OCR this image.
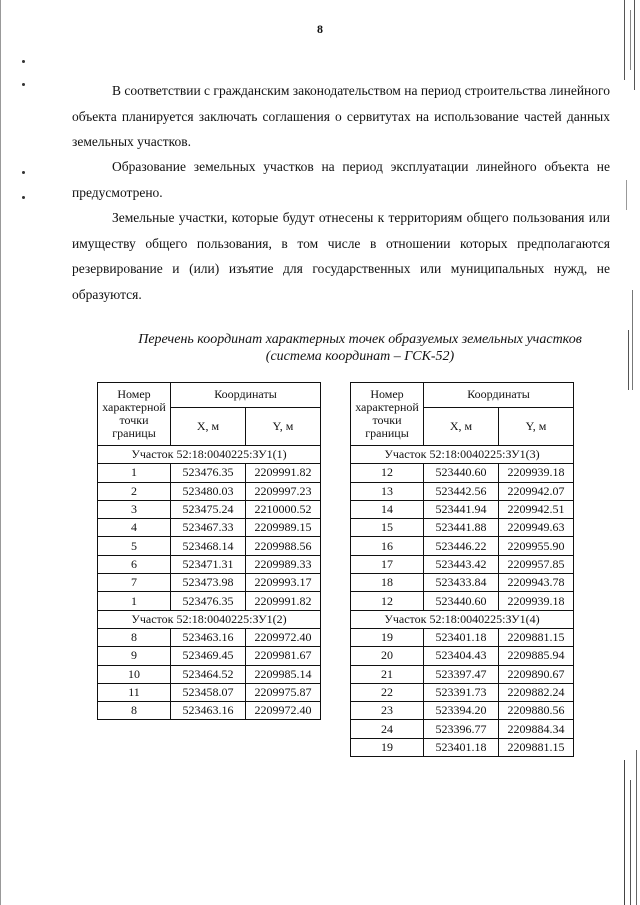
8

В соответствии с гражданским законодательством на период строительства линейного объекта планируется заключать соглашения о сервитутах на использование частей данных земельных участков.

Образование земельных участков на период эксплуатации линейного объекта не предусмотрено.

Земельные участки, которые будут отнесены к территориям общего пользования или имуществу общего пользования, в том числе в отношении которых предполагаются резервирование и (или) изъятие для государственных или муниципальных нужд, не образуются.

Перечень координат характерных точек образуемых земельных участков
(система координат – ГСК-52)
Номер характерной точки границы	Координаты	
	X, м	Y, м
Участок 52:18:0040225:ЗУ1(1)		
1	523476.35	2209991.82
2	523480.03	2209997.23
3	523475.24	2210000.52
4	523467.33	2209989.15
5	523468.14	2209988.56
6	523471.31	2209989.33
7	523473.98	2209993.17
1	523476.35	2209991.82
Участок 52:18:0040225:ЗУ1(2)		
8	523463.16	2209972.40
9	523469.45	2209981.67
10	523464.52	2209985.14
11	523458.07	2209975.87
8	523463.16	2209972.40
Номер характерной точки границы	Координаты	
	X, м	Y, м
Участок 52:18:0040225:ЗУ1(3)		
12	523440.60	2209939.18
13	523442.56	2209942.07
14	523441.94	2209942.51
15	523441.88	2209949.63
16	523446.22	2209955.90
17	523443.42	2209957.85
18	523433.84	2209943.78
12	523440.60	2209939.18
Участок 52:18:0040225:ЗУ1(4)		
19	523401.18	2209881.15
20	523404.43	2209885.94
21	523397.47	2209890.67
22	523391.73	2209882.24
23	523394.20	2209880.56
24	523396.77	2209884.34
19	523401.18	2209881.15
